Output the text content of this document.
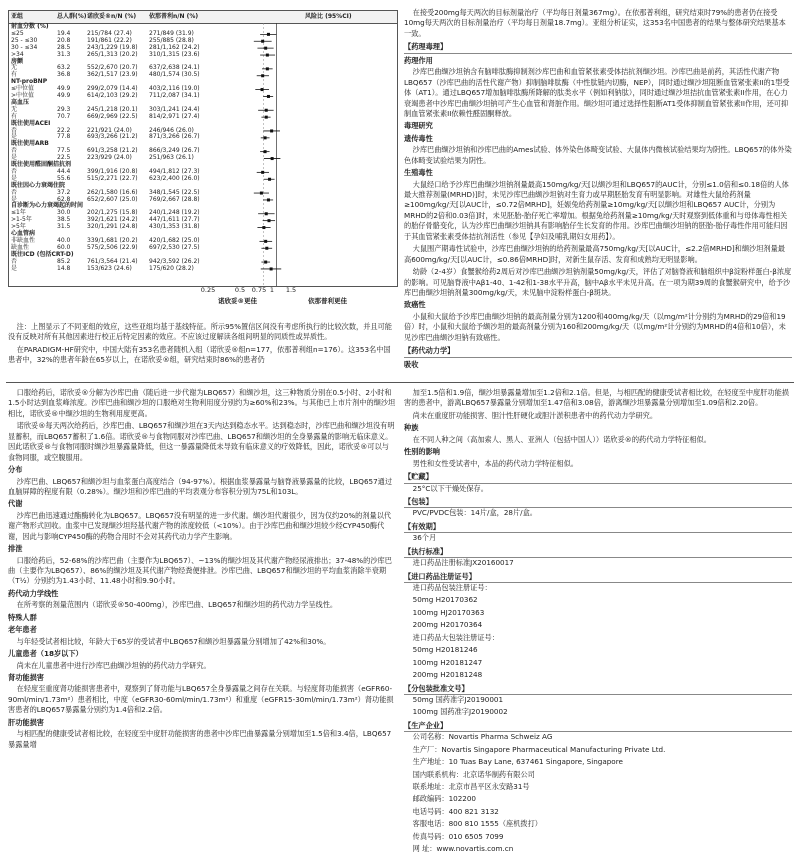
亚组	总人群(%) 诺欣妥®n/N (%)	依那普利n/N (%)	风险比 (95%CI)
射血分数 (%)
≤25	19.4	215/784 (27.4)	271/849 (31.9)
25 - ≤30	20.8	191/861 (22.2)	255/885 (28.8)
30 - ≤34	28.5	243/1,229 (19.8)	281/1,162 (24.2)
>34	31.3	265/1,313 (20.2)	310/1,315 (23.6)
房颤
无	63.2	552/2,670 (20.7)	637/2,638 (24.1)
有	36.8	362/1,517 (23.9)	480/1,574 (30.5)
NT-proBNP
≤中位值	49.9	299/2,079 (14.4)	403/2,116 (19.0)
>中位值	49.9	614/2,103 (29.2)	711/2,087 (34.1)
高血压
无	29.3	245/1,218 (20.1)	303/1,241 (24.4)
有	70.7	669/2,969 (22.5)	814/2,971 (27.4)
既往使用ACEI
否	22.2	221/921 (24.0)	246/946 (26.0)
是	77.8	693/3,266 (21.2)	871/3,266 (26.7)
既往使用ARB
否	77.5	691/3,258 (21.2)	866/3,249 (26.7)
是	22.5	223/929 (24.0)	251/963 (26.1)
既往使用醛固酮拮抗剂
否	44.4	399/1,916 (20.8)	494/1,812 (27.3)
是	55.6	515/2,271 (22.7)	623/2,400 (26.0)
既往因心力衰竭住院
否	37.2	262/1,580 (16.6)	348/1,545 (22.5)
是	62.8	652/2,607 (25.0)	769/2,667 (28.8)
自诊断为心力衰竭起的时间
≤1年	30.0	202/1,275 (15.8)	240/1,248 (19.2)
>1-5年	38.5	392/1,621 (24.2)	447/1,611 (27.7)
>5年	31.5	320/1,291 (24.8)	430/1,353 (31.8)
心血管病
非缺血性	40.0	339/1,681 (20.2)	420/1,682 (25.0)
缺血性	60.0	575/2,506 (22.9)	697/2,530 (27.5)
既往ICD (包括CRT-D)
否	85.2	761/3,564 (21.4)	942/3,592 (26.2)
是	14.8	153/623 (24.6)	175/620 (28.2)
0.25	0.5 0.75 1 1.5
诺欣妥®更佳	依那普利更佳

注：上图显示了不同亚组的效应，这些亚组均基于基线特征。所示95%置信区间没有考虑所执行的比较次数，并且可能没有反映对所有其他因素进行校正后特定因素的效应。不应该过度解读各组间明显的同质性或异质性。

在PARADIGM-HF研究中，中国大陆有353名患者随机入组（诺欣妥®组n=177，依那普利组n=176）。这353名中国患者中，32%的患者年龄在65岁以上，在诺欣妥®组，研究结束时86%的患者仍

在接受200mg每天两次的目标剂量治疗（平均每日剂量367mg）。在依那普利组，研究结束时79%的患者仍在接受10mg每天两次的目标剂量治疗（平均每日剂量18.7mg）。亚组分析证实，这353名中国患者的结果与整体研究结果基本一致。

【药理毒理】
药理作用

沙库巴曲缬沙坦钠含有脑啡肽酶抑制剂沙库巴曲和血管紧张素受体拮抗剂缬沙坦。沙库巴曲是前药，其活性代谢产物LBQ657（沙库巴曲的活性代谢产物）抑制脑啡肽酶（中性肽链内切酶，NEP），同时通过缬沙坦阻断血管紧张素II的1型受体（AT1）。通过LBQ657增加脑啡肽酶所降解的肽类水平（例如利钠肽），同时通过缬沙坦拮抗血管紧张素II作用，在心力衰竭患者中沙库巴曲缬沙坦钠可产生心血管和肾脏作用。缬沙坦可通过选择性阻断AT1受体抑制血管紧张素II作用，还可抑制血管紧张素II依赖性醛固酮释放。

毒理研究
遗传毒性

沙库巴曲缬沙坦钠和沙库巴曲的Ames试验、体外染色体畸变试验、大鼠体内微核试验结果均为阴性。LBQ657的体外染色体畸变试验结果为阴性。

生殖毒性

大鼠经口给予沙库巴曲缬沙坦钠剂量最高150mg/kg/天[以缬沙坦和LBQ657的AUC计，分别≤1.0倍和≤0.18倍的人体最大推荐剂量(MRHD)]时，未见沙库巴曲缬沙坦钠对生育力或早期胚胎发育有明显影响。对雄性大鼠给药剂量≥100mg/kg/天[以AUC计，≤0.72倍MRHD]，妊娠兔给药剂量≥10mg/kg/天[以缬沙坦和LBQ657 AUC计，分别为MRHD的2倍和0.03倍]时，未见胚胎-胎仔死亡率增加。根据兔给药剂量≥10mg/kg/天时观察到低体重和与母体毒性相关的胎仔骨骼变化，认为沙库巴曲缬沙坦钠具有影响胎仔生长发育的作用。沙库巴曲缬沙坦钠的胚胎-胎仔毒性作用可能归因于其血管紧张素受体拮抗剂活性（参见【孕妇及哺乳期妇女用药】）。

大鼠围产期毒性试验中，沙库巴曲缬沙坦钠的给药剂量最高750mg/kg/天[以AUC计，≤2.2倍MRHD]和缬沙坦剂量最高600mg/kg/天[以AUC计，≤0.86倍MRHD]时，对新生鼠存活、发育和成熟均无明显影响。

幼龄（2-4岁）食蟹猴给药2周后对沙库巴曲缬沙坦钠剂量50mg/kg/天，评估了对脑脊液和脑组织中β淀粉样蛋白-β浓度的影响。可见脑脊液中Aβ1-40、1-42和1-38水平升高，脑中Aβ水平未见升高。在一项为期39周的食蟹猴研究中，给予沙库巴曲缬沙坦钠剂量300mg/kg/天，未见脑中淀粉样蛋白-β斑块。

致癌性

小鼠和大鼠给予沙库巴曲缬沙坦钠的最高剂量分别为1200和400mg/kg/天（以mg/m²计分别约为MRHD的29倍和19倍）时，小鼠和大鼠给予缬沙坦的最高剂量分别为160和200mg/kg/天（以mg/m²计分别约为MRHD的4倍和10倍），未见沙库巴曲缬沙坦钠有致癌性。

【药代动力学】
吸收

口服给药后，诺欣妥®分解为沙库巴曲（随后进一步代谢为LBQ657）和缬沙坦，这三种物质分别在0.5小时、2小时和1.5小时达到血浆峰浓度。沙库巴曲和缬沙坦的口服绝对生物利用度分别约为≥60%和23%。与其他已上市片剂中的缬沙坦相比，诺欣妥®中缬沙坦的生物利用度更高。

诺欣妥®每天两次给药后，沙库巴曲、LBQ657和缬沙坦在3天内达到稳态水平。达到稳态时，沙库巴曲和缬沙坦没有明显蓄积，而LBQ657蓄积了1.6倍。诺欣妥®与食物同服对沙库巴曲、LBQ657和缬沙坦的全身暴露量的影响无临床意义。因此诺欣妥®与食物同服时缬沙坦暴露量降低，但这一暴露量降低未导致有临床意义的疗效降低，因此，诺欣妥®可以与食物同服，或空腹服用。

分布

沙库巴曲、LBQ657和缬沙坦与血浆蛋白高度结合（94-97%）。根据血浆暴露量与脑脊液暴露量的比较，LBQ657通过血脑屏障的程度有限（0.28%）。缬沙坦和沙库巴曲的平均表观分布容积分别为75L和103L。

代谢

沙库巴曲迅速通过酯酶转化为LBQ657。LBQ657没有明显的进一步代谢。缬沙坦代谢很少，因为仅约20%的剂量以代谢产物形式回收。血浆中已发现缬沙坦羟基代谢产物的浓度较低（<10%）。由于沙库巴曲和缬沙坦较少经CYP450酶代谢，因此与影响CYP450酶的药物合用时不会对其药代动力学产生影响。

排泄

口服给药后，52-68%的沙库巴曲（主要作为LBQ657）、~13%的缬沙坦及其代谢产物经尿液排出；37-48%的沙库巴曲（主要作为LBQ657）、86%的缬沙坦及其代谢产物经粪便排泄。沙库巴曲、LBQ657和缬沙坦的平均血浆消除半衰期（T½）分别约为1.43小时、11.48小时和9.90小时。

药代动力学线性

在所考察的剂量范围内（诺欣妥®50-400mg），沙库巴曲、LBQ657和缬沙坦的药代动力学呈线性。

特殊人群
老年患者

与年轻受试者相比较，年龄大于65岁的受试者中LBQ657和缬沙坦暴露量分别增加了42%和30%。

儿童患者（18岁以下）

尚未在儿童患者中进行沙库巴曲缬沙坦钠的药代动力学研究。

肾功能损害

在轻度至重度肾功能损害患者中，观察到了肾功能与LBQ657全身暴露量之间存在关联。与轻度肾功能损害（eGFR60-90ml/min/1.73m²）患者相比，中度（eGFR30-60ml/min/1.73m²）和重度（eGFR15-30ml/min/1.73m²）肾功能损害患者的LBQ657暴露量分别约为1.4倍和2.2倍。

肝功能损害

与相匹配的健康受试者相比较，在轻度至中度肝功能损害的患者中沙库巴曲暴露量分别增加至1.5倍和3.4倍，LBQ657暴露量增

加至1.5倍和1.9倍，缬沙坦暴露量增加至1.2倍和2.1倍。但是，与相匹配的健康受试者相比较，在轻度至中度肝功能损害的患者中，游离LBQ657暴露量分别增加至1.47倍和3.08倍，游离缬沙坦暴露量分别增加至1.09倍和2.20倍。

尚未在重度肝功能损害、胆汁性肝硬化或胆汁淤积患者中的药代动力学研究。

种族

在不同人种之间（高加索人、黑人、亚洲人（包括中国人））诺欣妥®的药代动力学特征相似。

性别的影响

男性和女性受试者中，本品的药代动力学特征相似。

【贮藏】

25°C以下干燥处保存。

【包装】

PVC/PVDC包装：14片/盒，28片/盒。

【有效期】

36个月

【执行标准】

进口药品注册标准JX20160017

【进口药品注册证号】

进口药品包装注册证号：

50mg H20170362

100mg HJ20170363

200mg H20170364

进口药品大包装注册证号：

50mg H20181246

100mg H20181247

200mg H20181248

【分包装批准文号】

50mg 国药准字J20190001

100mg 国药准字J20190002

【生产企业】

公司名称：Novartis Pharma Schweiz AG

生产厂：Novartis Singapore Pharmaceutical Manufacturing Private Ltd.

生产地址：10 Tuas Bay Lane, 637461 Singapore, Singapore

国内联系机构：北京诺华制药有限公司

联系地址：北京市昌平区永安路31号

邮政编码：102200

电话号码：400 821 3132

客服电话：800 810 1555（座机拨打）

传真号码：010 6505 7099

网 址：www.novartis.com.cn
